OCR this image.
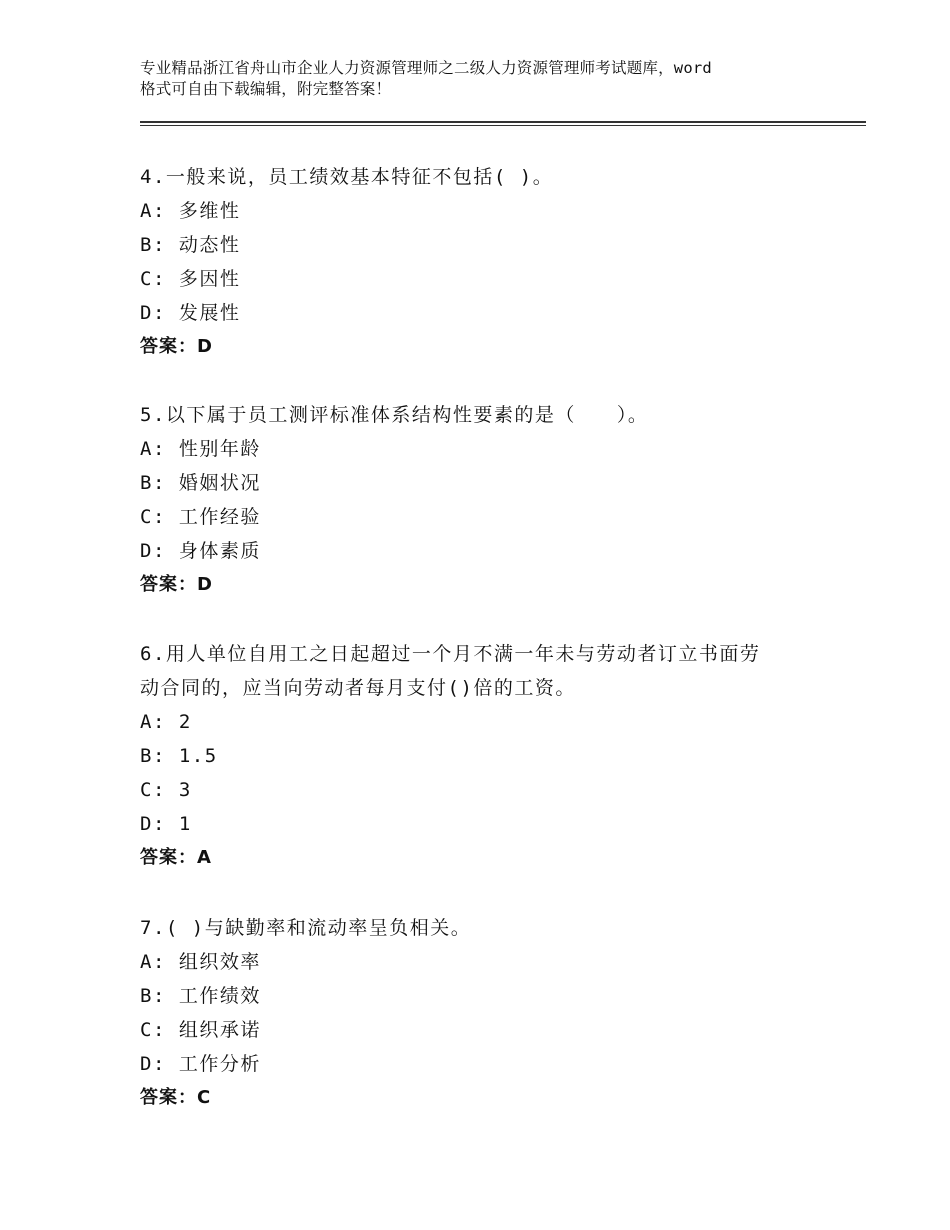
专业精品浙江省舟山市企业人力资源管理师之二级人力资源管理师考试题库，word
格式可自由下载编辑，附完整答案！

4.一般来说，员工绩效基本特征不包括( )。

A: 多维性

B: 动态性

C: 多因性

D: 发展性

答案：D

5.以下属于员工测评标准体系结构性要素的是（　　）。

A: 性别年龄

B: 婚姻状况

C: 工作经验

D: 身体素质

答案：D

6.用人单位自用工之日起超过一个月不满一年未与劳动者订立书面劳

动合同的，应当向劳动者每月支付()倍的工资。

A: 2

B: 1.5

C: 3

D: 1

答案：A

7.( )与缺勤率和流动率呈负相关。

A: 组织效率

B: 工作绩效

C: 组织承诺

D: 工作分析

答案：C
